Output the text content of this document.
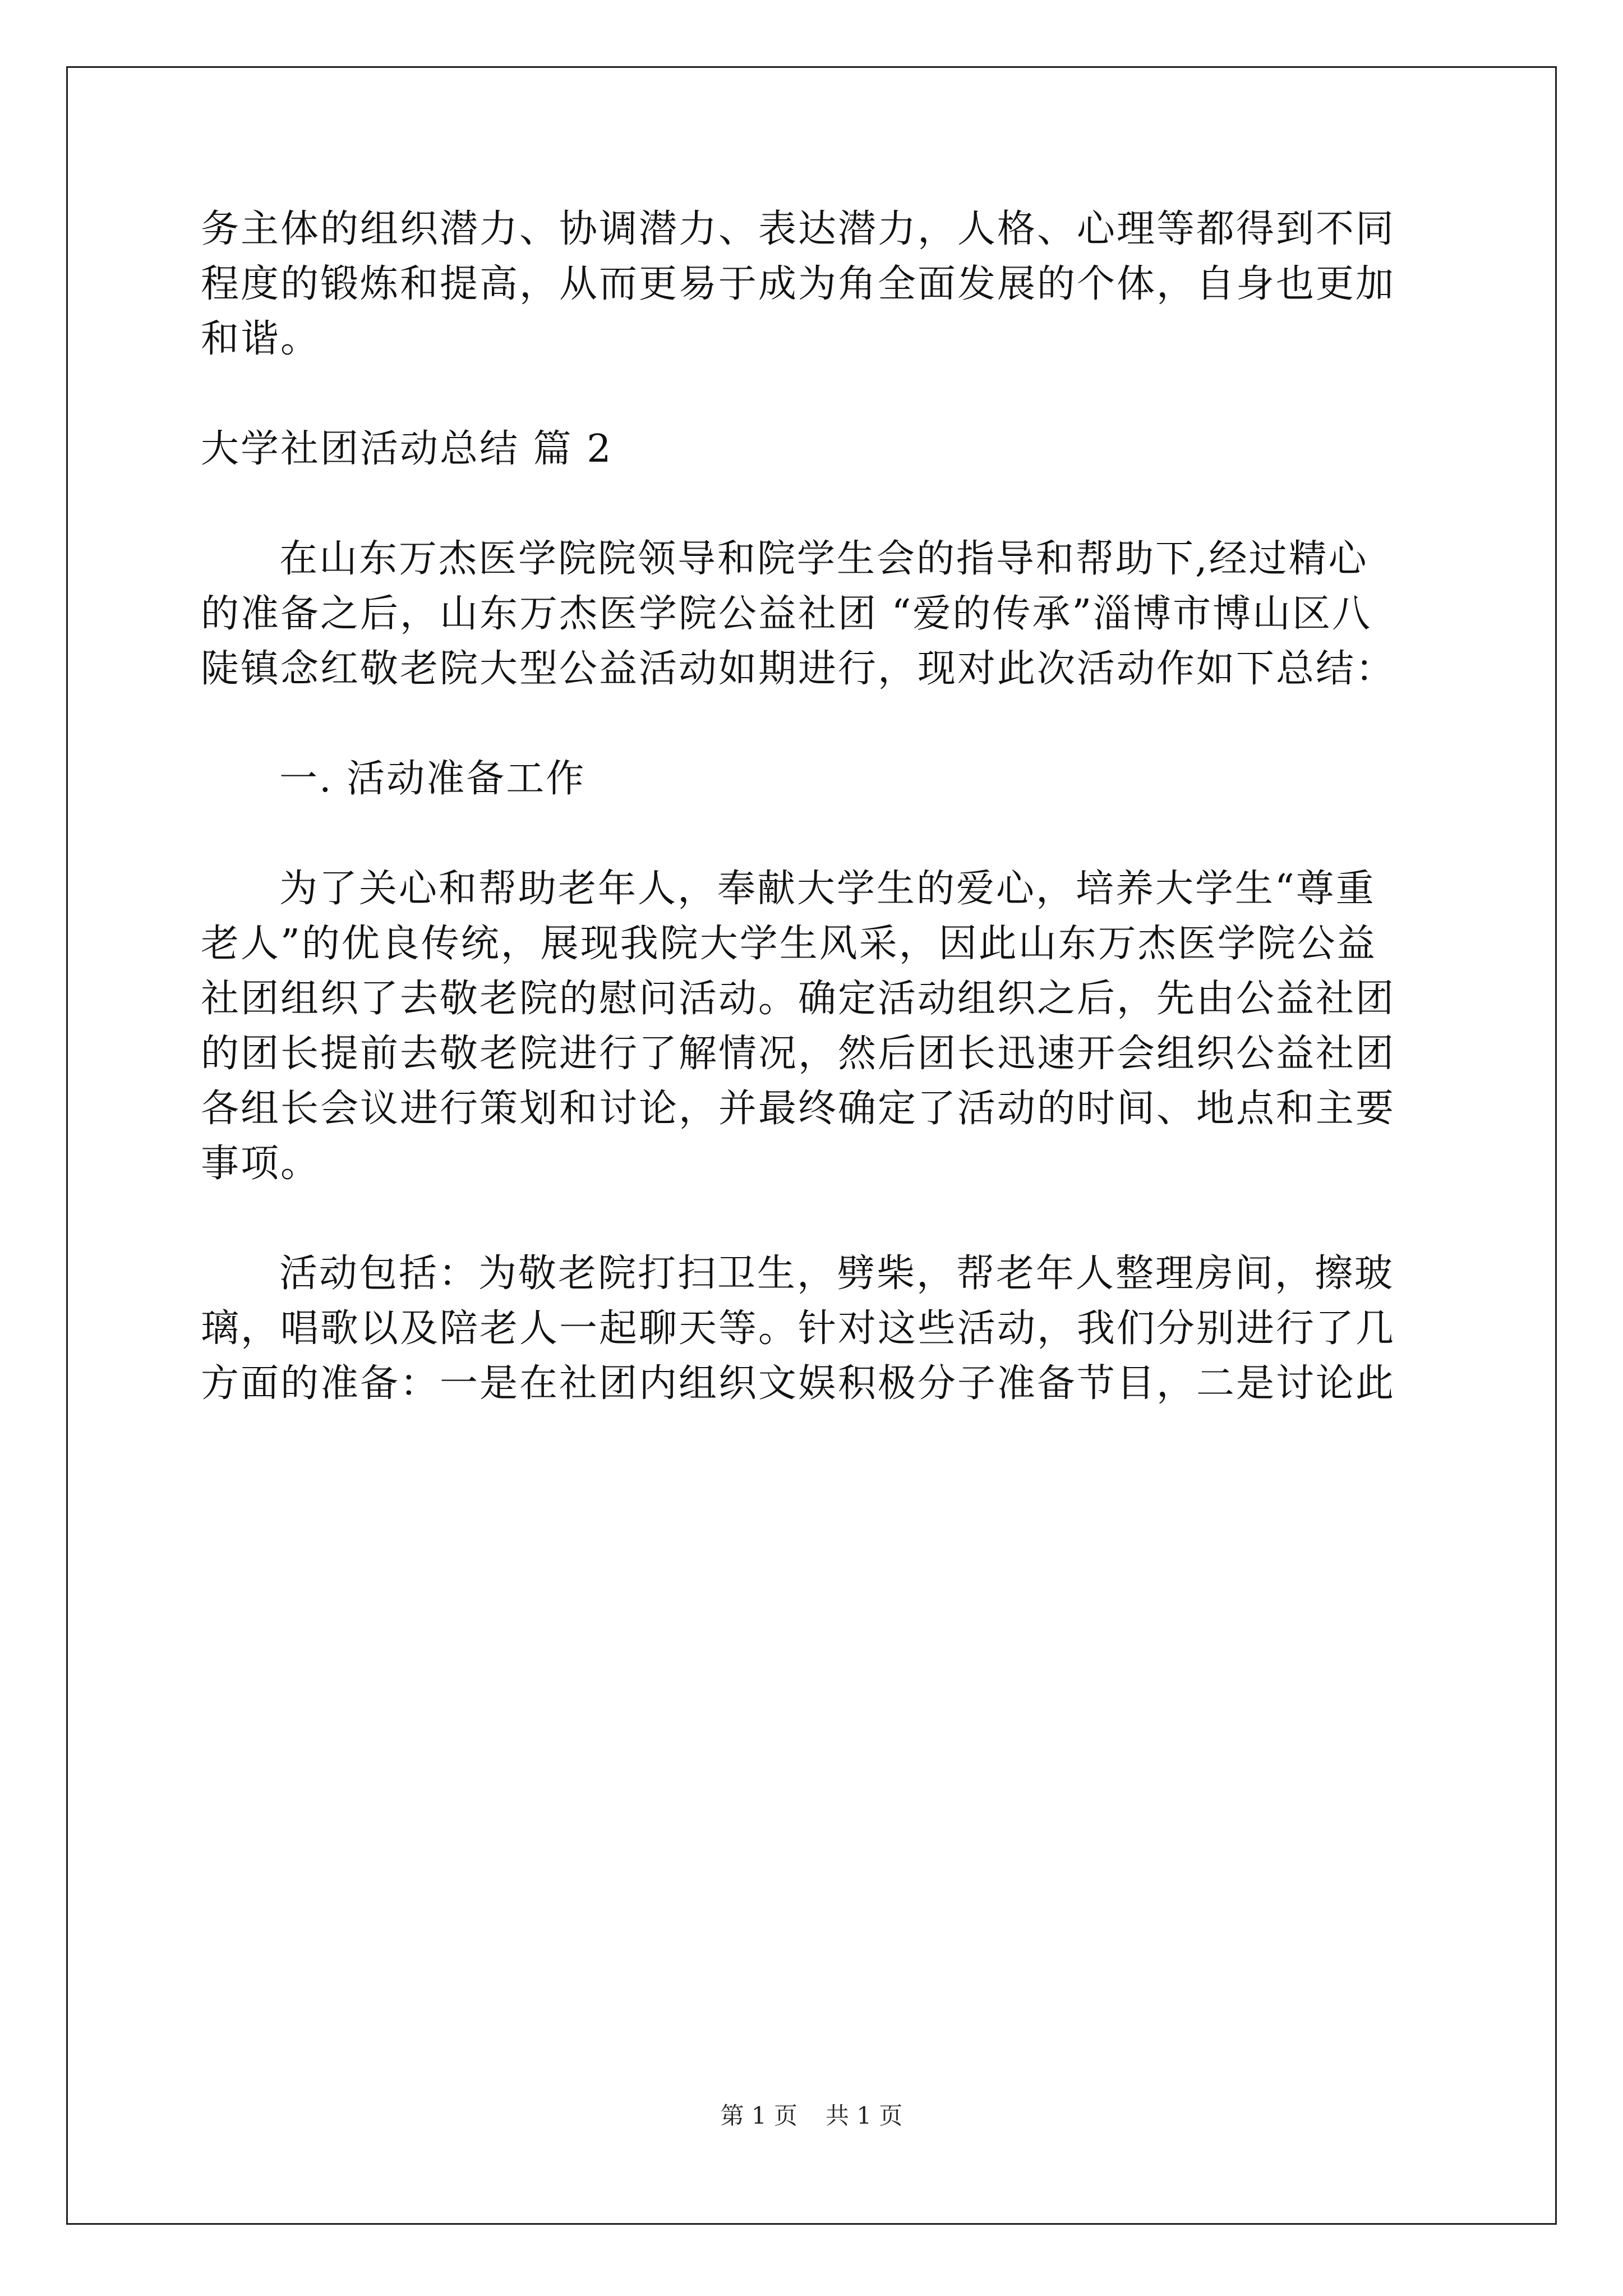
务主体的组织潜力、协调潜力、表达潜力，人格、心理等都得到不同
程度的锻炼和提高，从而更易于成为角全面发展的个体，自身也更加
和谐。
大学社团活动总结 篇 2
在山东万杰医学院院领导和院学生会的指导和帮助下,经过精心
的准备之后，山东万杰医学院公益社团 “爱的传承”淄博市博山区八
陡镇念红敬老院大型公益活动如期进行，现对此次活动作如下总结：
一. 活动准备工作
为了关心和帮助老年人，奉献大学生的爱心，培养大学生“尊重
老人”的优良传统，展现我院大学生风采，因此山东万杰医学院公益
社团组织了去敬老院的慰问活动。确定活动组织之后，先由公益社团
的团长提前去敬老院进行了解情况，然后团长迅速开会组织公益社团
各组长会议进行策划和讨论，并最终确定了活动的时间、地点和主要
事项。
活动包括：为敬老院打扫卫生，劈柴，帮老年人整理房间，擦玻
璃，唱歌以及陪老人一起聊天等。针对这些活动，我们分别进行了几
方面的准备：一是在社团内组织文娱积极分子准备节目，二是讨论此
第 1 页 共 1 页
